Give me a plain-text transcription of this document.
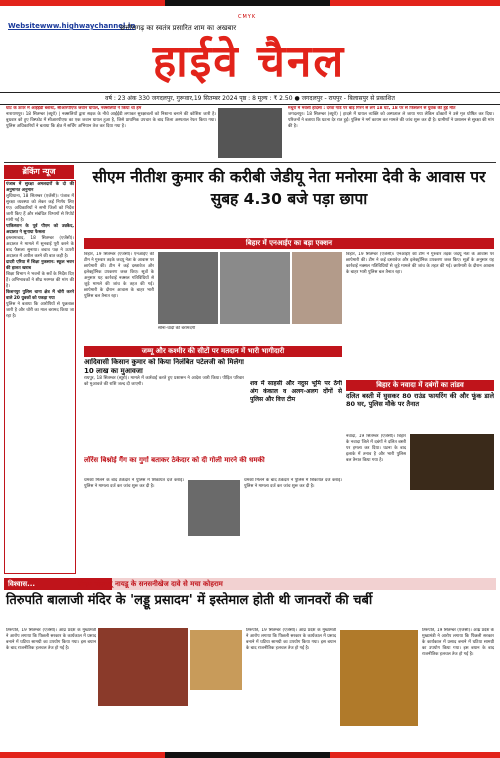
CMYK
Websitewww.highwaychannel.in
छत्तीसगढ़ का स्वतंत्र प्रसारित शाम का अखबार
हाईवे चैनल
वर्ष : 23 अंक 330 जगदलपुर, गुरूवार,19 सितम्बर 2024 पृष्ठ : 8 मूल्य : ₹ 2.50 ● जगदलपुर - रायपुर - बिलासपुर से प्रकाशित
घाट के ऊपर में आईईडी ब्लास्ट, सीआरपीएफ जवान घायल, नक्सलियों ने किया था हम
नारायणपुर। 18 सितम्बर (ब्यूरो) | नक्सलियों द्वारा सड़क के नीचे आईईडी लगाकर सुरक्षाबलों को निशाना बनाने की कोशिश जारी है। बुधवार को हुए विस्फोट में सीआरपीएफ का एक जवान घायल हुआ है, जिसे प्राथमिक उपचार के बाद जिला अस्पताल रेफर किया गया। पुलिस अधिकारियों ने बताया कि क्षेत्र में सर्चिंग अभियान तेज कर दिया गया है।
मथुरा में मवेशी हादसा : दरवा गार्ड पर बाड़ गिरने से लगे 18 घंटे, 18 पर से फिसलने से युवक की हुई मौत
जगदलपुर। 18 सितम्बर (ब्यूरो) | हादसे में घायल व्यक्ति को अस्पताल ले जाया गया लेकिन डॉक्टरों ने उसे मृत घोषित कर दिया। परिजनों ने बताया कि घटना देर रात हुई। पुलिस ने मर्ग कायम कर मामले की जांच शुरू कर दी है। ग्रामीणों ने प्रशासन से सुरक्षा की मांग की है।
ब्रेकिंग न्यूज
पंजाब में सुरक्षा अमलदारों के दो की अनुमानत अनुमान
लुधियाना, 18 सितम्बर (एजेंसी)। पंजाब में सुरक्षा व्यवस्था को लेकर कई निर्णय लिए गए। अधिकारियों ने सभी जिलों को निर्देश जारी किए हैं और संबंधित विभागों से रिपोर्ट मांगी गई है।
पाकिस्तान के पूर्व पीएम को उम्रकैद, अदालत ने सुनाया फैसला
इस्लामाबाद, 18 सितम्बर (एजेंसी)। अदालत ने मामले में सुनवाई पूरी करने के बाद फैसला सुनाया। बचाव पक्ष ने ऊपरी अदालत में अपील करने की बात कही है।
दादरी एरिया में शिक्षा नुकसान: स्कूल भवन की हालत खराब
शिक्षा विभाग ने भवनों के सर्वे के निर्देश दिए हैं। अभिभावकों ने शीघ्र मरम्मत की मांग की है।
किशनपुर पुलिस थाना क्षेत्र में चोरी करने वाले 20 युवकों को पकड़ा गया
पुलिस ने बताया कि आरोपियों से पूछताछ जारी है और चोरी का माल बरामद किया जा रहा है।
सीएम नीतीश कुमार की करीबी जेडीयू नेता मनोरमा देवी के आवास पर सुबह 4.30 बजे पड़ा छापा
बिहार में एनआईए का बड़ा एक्शन
बिहार, 19 सितम्बर (एजेंसी)। एनआईए की टीम ने गुरुवार तड़के जदयू नेता के आवास पर छापेमारी की। टीम ने कई दस्तावेज और इलेक्ट्रॉनिक उपकरण जब्त किए। सूत्रों के अनुसार यह कार्रवाई नक्सल गतिविधियों से जुड़े मामले की जांच के तहत की गई। छापेमारी के दौरान आवास के बाहर भारी पुलिस बल तैनात रहा।
सोना-चांदी की बरामदगी
बिहार, 19 सितम्बर (एजेंसी)। एनआईए की टीम ने गुरुवार तड़के जदयू नेता के आवास पर छापेमारी की। टीम ने कई दस्तावेज और इलेक्ट्रॉनिक उपकरण जब्त किए। सूत्रों के अनुसार यह कार्रवाई नक्सल गतिविधियों से जुड़े मामले की जांच के तहत की गई। छापेमारी के दौरान आवास के बाहर भारी पुलिस बल तैनात रहा।
जम्मू और कश्मीर की सीटों पर मतदान में भारी भागीदारी
आदिवासी किसान कुमार को किया निलंबित पटेलजी को मिलेगा 10 लाख का मुआवजा
रायपुर, 18 सितम्बर (ब्यूरो)। मामले में कार्रवाई करते हुए प्रशासन ने आदेश जारी किया। पीड़ित परिवार को मुआवजे की राशि जल्द दी जाएगी।	शव में साहसी और नदुस भूमि पर ठेंगी अंग कंकाल व अलग-अलग दोंगों से पुलिस और वित्त टीम
बिहार के नवादा में दबंगों का तांडव
दलित बस्ती में घुसकर 80 राउंड फायरिंग की और फूंक डाले 80 घर, पुलिस मौके पर तैनात
नवादा, 19 सितम्बर (एजेंसी)। बिहार के नवादा जिले में दबंगों ने दलित बस्ती पर हमला कर दिया। घटना के बाद इलाके में तनाव है और भारी पुलिस बल तैनात किया गया है।
लॉरेंस बिश्नोई गैंग का गुर्गा बताकर ठेकेदार को दी गोली मारने की धमकी
धमकी मिलने के बाद ठेकेदार ने पुलिस में शिकायत दर्ज कराई। पुलिस ने मामला दर्ज कर जांच शुरू कर दी है।
धमकी मिलने के बाद ठेकेदार ने पुलिस में शिकायत दर्ज कराई। पुलिस ने मामला दर्ज कर जांच शुरू कर दी है।
विश्वास...	सीएम चंद्रबाबू नायडू के सनसनीखेज दावे से मचा कोहराम
तिरुपति बालाजी मंदिर के 'लड्डू प्रसादम' में इस्तेमाल होती थी जानवरों की चर्बी
तिरुपति, 19 सितम्बर (एजेंसी)। आंध्र प्रदेश के मुख्यमंत्री ने आरोप लगाया कि पिछली सरकार के कार्यकाल में प्रसाद बनाने में घटिया सामग्री का उपयोग किया गया। इस बयान के बाद राजनीतिक हलचल तेज हो गई है।
तिरुपति, 19 सितम्बर (एजेंसी)। आंध्र प्रदेश के मुख्यमंत्री ने आरोप लगाया कि पिछली सरकार के कार्यकाल में प्रसाद बनाने में घटिया सामग्री का उपयोग किया गया। इस बयान के बाद राजनीतिक हलचल तेज हो गई है।
तिरुपति, 19 सितम्बर (एजेंसी)। आंध्र प्रदेश के मुख्यमंत्री ने आरोप लगाया कि पिछली सरकार के कार्यकाल में प्रसाद बनाने में घटिया सामग्री का उपयोग किया गया। इस बयान के बाद राजनीतिक हलचल तेज हो गई है।
